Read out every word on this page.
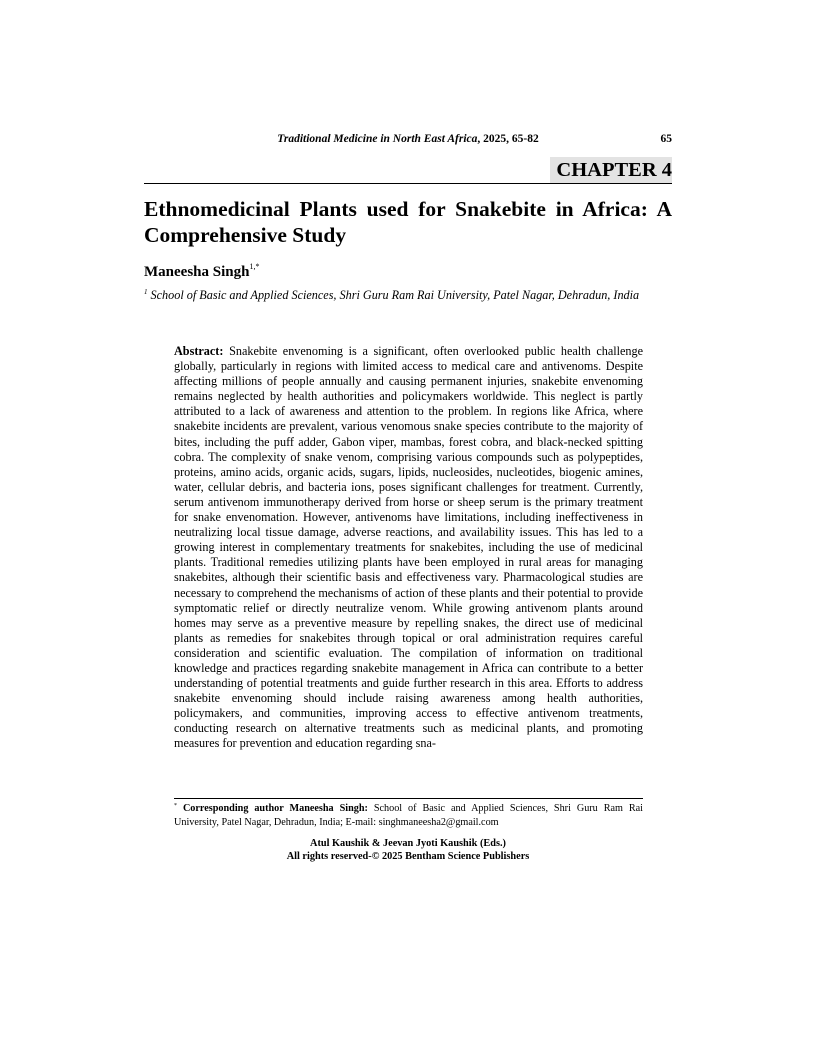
Traditional Medicine in North East Africa, 2025, 65-82	65
CHAPTER 4
Ethnomedicinal Plants used for Snakebite in Africa: A Comprehensive Study
Maneesha Singh$^{1,*}$
$^1$ School of Basic and Applied Sciences, Shri Guru Ram Rai University, Patel Nagar, Dehradun, India
Abstract: Snakebite envenoming is a significant, often overlooked public health challenge globally, particularly in regions with limited access to medical care and antivenoms. Despite affecting millions of people annually and causing permanent injuries, snakebite envenoming remains neglected by health authorities and policymakers worldwide. This neglect is partly attributed to a lack of awareness and attention to the problem. In regions like Africa, where snakebite incidents are prevalent, various venomous snake species contribute to the majority of bites, including the puff adder, Gabon viper, mambas, forest cobra, and black-necked spitting cobra. The complexity of snake venom, comprising various compounds such as polypeptides, proteins, amino acids, organic acids, sugars, lipids, nucleosides, nucleotides, biogenic amines, water, cellular debris, and bacteria ions, poses significant challenges for treatment. Currently, serum antivenom immunotherapy derived from horse or sheep serum is the primary treatment for snake envenomation. However, antivenoms have limitations, including ineffectiveness in neutralizing local tissue damage, adverse reactions, and availability issues. This has led to a growing interest in complementary treatments for snakebites, including the use of medicinal plants. Traditional remedies utilizing plants have been employed in rural areas for managing snakebites, although their scientific basis and effectiveness vary. Pharmacological studies are necessary to comprehend the mechanisms of action of these plants and their potential to provide symptomatic relief or directly neutralize venom. While growing antivenom plants around homes may serve as a preventive measure by repelling snakes, the direct use of medicinal plants as remedies for snakebites through topical or oral administration requires careful consideration and scientific evaluation. The compilation of information on traditional knowledge and practices regarding snakebite management in Africa can contribute to a better understanding of potential treatments and guide further research in this area. Efforts to address snakebite envenoming should include raising awareness among health authorities, policymakers, and communities, improving access to effective antivenom treatments, conducting research on alternative treatments such as medicinal plants, and promoting measures for prevention and education regarding sna-
* Corresponding author Maneesha Singh: School of Basic and Applied Sciences, Shri Guru Ram Rai University, Patel Nagar, Dehradun, India; E-mail: singhmaneesha2@gmail.com
Atul Kaushik & Jeevan Jyoti Kaushik (Eds.)
All rights reserved-© 2025 Bentham Science Publishers
